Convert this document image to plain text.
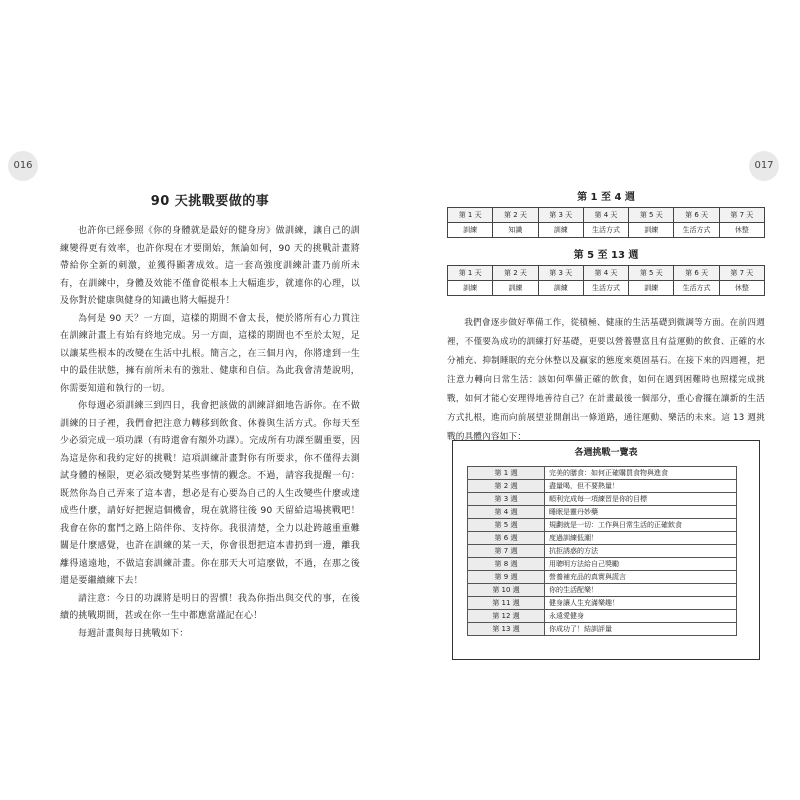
016	017
90 天挑戰要做的事

也許你已經參照《你的身體就是最好的健身房》做訓練，讓自己的訓練變得更有效率，也許你現在才要開始，無論如何，90 天的挑戰計畫將帶給你全新的刺激，並獲得顯著成效。這一套高強度訓練計畫乃前所未有，在訓練中，身體及效能不僅會從根本上大幅進步，就連你的心理，以及你對於健康與健身的知識也將大幅提升！

為何是 90 天？一方面，這樣的期間不會太長，便於將所有心力貫注在訓練計畫上有始有終地完成。另一方面，這樣的期間也不至於太短，足以讓某些根本的改變在生活中扎根。簡言之，在三個月內，你將達到一生中的最佳狀態，擁有前所未有的強壯、健康和自信。為此我會清楚說明，你需要知道和執行的一切。

你每週必須訓練三到四日，我會把該做的訓練詳細地告訴你。在不做訓練的日子裡，我們會把注意力轉移到飲食、休養與生活方式。你每天至少必須完成一項功課（有時還會有額外功課）。完成所有功課至關重要，因為這是你和我約定好的挑戰！這項訓練計畫對你有所要求，你不僅得去測試身體的極限，更必須改變對某些事情的觀念。不過，請容我提醒一句：既然你為自己弄來了這本書，想必是有心要為自己的人生改變些什麼或達成些什麼，請好好把握這個機會，現在就將往後 90 天留給這場挑戰吧！我會在你的奮鬥之路上陪伴你、支持你。我很清楚，全力以赴跨越重重難關是什麼感覺，也許在訓練的某一天，你會很想把這本書扔到一邊，離我離得遠遠地，不做這套訓練計畫。你在那天大可這麼做，不過，在那之後還是要繼續練下去！

請注意：今日的功課將是明日的習慣！我為你指出與交代的事，在後續的挑戰期間，甚或在你一生中都應當謹記在心！

每週計畫與每日挑戰如下：

第 1 至 4 週
第 1 天	第 2 天	第 3 天	第 4 天	第 5 天	第 6 天	第 7 天
訓練	知識	訓練	生活方式	訓練	生活方式	休整
第 5 至 13 週
第 1 天	第 2 天	第 3 天	第 4 天	第 5 天	第 6 天	第 7 天
訓練	訓練	訓練	生活方式	訓練	生活方式	休整

我們會逐步做好準備工作，從積極、健康的生活基礎到微調等方面。在前四週裡，不僅要為成功的訓練打好基礎，更要以營養豐富且有益運動的飲食、正確的水分補充、抑制睡眠的充分休整以及贏家的態度來奠固基石。在接下來的四週裡，把注意力轉向日常生活：該如何準備正確的飲食，如何在遇到困難時也照樣完成挑戰，如何才能心安理得地善待自己？在計畫最後一個部分，重心會擺在讓新的生活方式扎根，進而向前展望並開創出一條道路，通往運動、樂活的未來。這 13 週挑戰的具體內容如下：

各週挑戰一覽表
第 1 週	完美的膳食：如何正確購買食物與進食
第 2 週	盡量喝，但不要熱量！
第 3 週	順利完成每一項練習是你的目標
第 4 週	睡眠是靈丹妙藥
第 5 週	規劃就是一切：工作與日常生活的正確飲食
第 6 週	度過訓練低潮！
第 7 週	抗拒誘惑的方法
第 8 週	用聰明方法給自己獎勵
第 9 週	營養補充品的真實與謊言
第 10 週	你的生活配樂！
第 11 週	健身讓人生充滿樂趣！
第 12 週	永遠愛健身
第 13 週	你成功了！結訓評量
